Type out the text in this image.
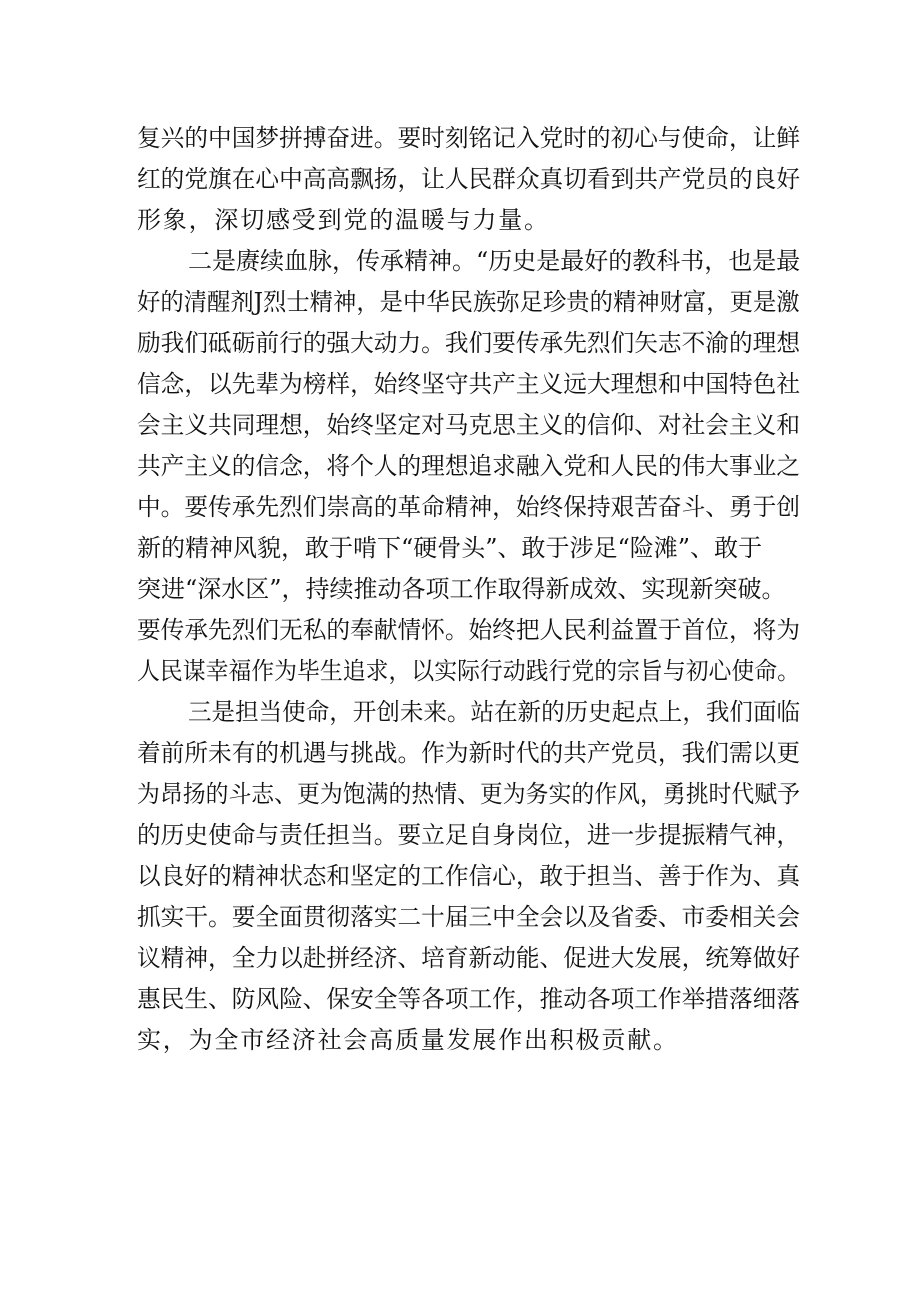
复兴的中国梦拼搏奋进。要时刻铭记入党时的初心与使命，让鲜

红的党旗在心中高高飘扬，让人民群众真切看到共产党员的良好

形象，深切感受到党的温暖与力量。

二是赓续血脉，传承精神。“历史是最好的教科书，也是最

好的清醒剂J烈士精神，是中华民族弥足珍贵的精神财富，更是激

励我们砥砺前行的强大动力。我们要传承先烈们矢志不渝的理想

信念，以先辈为榜样，始终坚守共产主义远大理想和中国特色社

会主义共同理想，始终坚定对马克思主义的信仰、对社会主义和

共产主义的信念，将个人的理想追求融入党和人民的伟大事业之

中。要传承先烈们崇高的革命精神，始终保持艰苦奋斗、勇于创

新的精神风貌，敢于啃下“硬骨头”、敢于涉足“险滩”、敢于

突进“深水区”，持续推动各项工作取得新成效、实现新突破。

要传承先烈们无私的奉献情怀。始终把人民利益置于首位，将为

人民谋幸福作为毕生追求，以实际行动践行党的宗旨与初心使命。

三是担当使命，开创未来。站在新的历史起点上，我们面临

着前所未有的机遇与挑战。作为新时代的共产党员，我们需以更

为昂扬的斗志、更为饱满的热情、更为务实的作风，勇挑时代赋予

的历史使命与责任担当。要立足自身岗位，进一步提振精气神，

以良好的精神状态和坚定的工作信心，敢于担当、善于作为、真

抓实干。要全面贯彻落实二十届三中全会以及省委、市委相关会

议精神，全力以赴拼经济、培育新动能、促进大发展，统筹做好

惠民生、防风险、保安全等各项工作，推动各项工作举措落细落

实，为全市经济社会高质量发展作出积极贡献。
